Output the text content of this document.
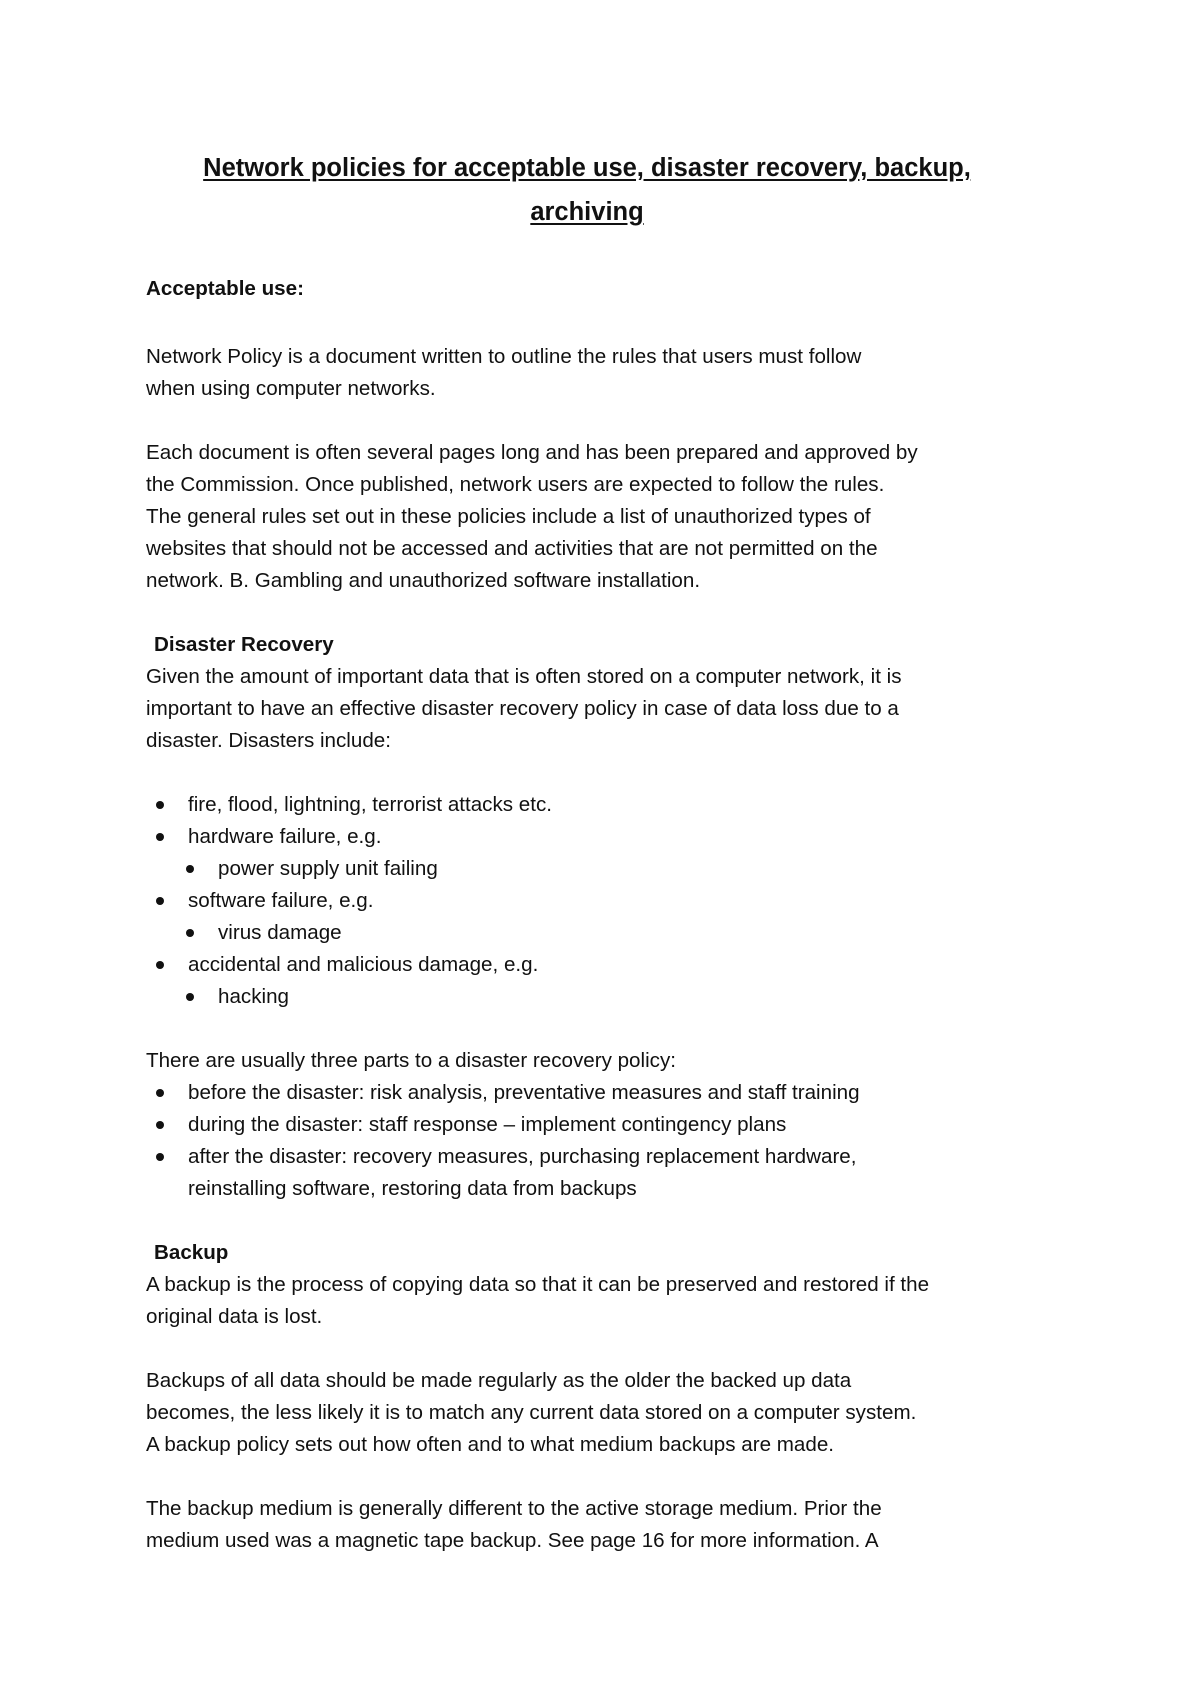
Network policies for acceptable use, disaster recovery, backup,
archiving

Acceptable use:

Network Policy is a document written to outline the rules that users must follow

when using computer networks.

Each document is often several pages long and has been prepared and approved by

the Commission. Once published, network users are expected to follow the rules.

The general rules set out in these policies include a list of unauthorized types of

websites that should not be accessed and activities that are not permitted on the

network. B. Gambling and unauthorized software installation.

Disaster Recovery

Given the amount of important data that is often stored on a computer network, it is

important to have an effective disaster recovery policy in case of data loss due to a

disaster. Disasters include:

fire, flood, lightning, terrorist attacks etc.
hardware failure, e.g.
power supply unit failing
software failure, e.g.
virus damage
accidental and malicious damage, e.g.
hacking

There are usually three parts to a disaster recovery policy:

before the disaster: risk analysis, preventative measures and staff training
during the disaster: staff response – implement contingency plans
after the disaster: recovery measures, purchasing replacement hardware,
reinstalling software, restoring data from backups

Backup

A backup is the process of copying data so that it can be preserved and restored if the

original data is lost.

Backups of all data should be made regularly as the older the backed up data

becomes, the less likely it is to match any current data stored on a computer system.

A backup policy sets out how often and to what medium backups are made.

The backup medium is generally different to the active storage medium. Prior the

medium used was a magnetic tape backup. See page 16 for more information. A
